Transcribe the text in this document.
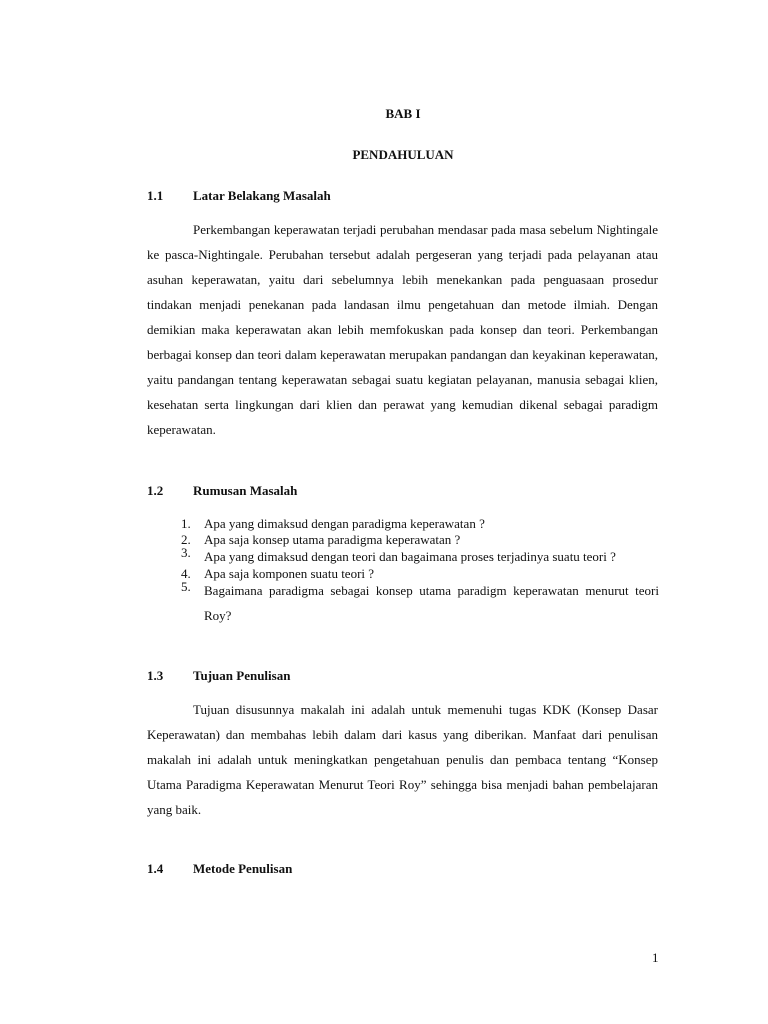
BAB I
PENDAHULUAN
1.1 Latar Belakang Masalah

Perkembangan keperawatan terjadi perubahan mendasar pada masa sebelum Nightingale ke pasca-Nightingale. Perubahan tersebut adalah pergeseran yang terjadi pada pelayanan atau asuhan keperawatan, yaitu dari sebelumnya lebih menekankan pada penguasaan prosedur tindakan menjadi penekanan pada landasan ilmu pengetahuan dan metode ilmiah. Dengan demikian maka keperawatan akan lebih memfokuskan pada konsep dan teori. Perkembangan berbagai konsep dan teori dalam keperawatan merupakan pandangan dan keyakinan keperawatan, yaitu pandangan tentang keperawatan sebagai suatu kegiatan pelayanan, manusia sebagai klien, kesehatan serta lingkungan dari klien dan perawat yang kemudian dikenal sebagai paradigm keperawatan.

1.2 Rumusan Masalah
1. Apa yang dimaksud dengan paradigma keperawatan ?
2. Apa saja konsep utama paradigma keperawatan ?
3. Apa yang dimaksud dengan teori dan bagaimana proses terjadinya suatu teori ?
4. Apa saja komponen suatu teori ?
5. Bagaimana paradigma sebagai konsep utama paradigm keperawatan menurut teori Roy?
1.3 Tujuan Penulisan

Tujuan disusunnya makalah ini adalah untuk memenuhi tugas KDK (Konsep Dasar Keperawatan) dan membahas lebih dalam dari kasus yang diberikan. Manfaat dari penulisan makalah ini adalah untuk meningkatkan pengetahuan penulis dan pembaca tentang “Konsep Utama Paradigma Keperawatan Menurut Teori Roy” sehingga bisa menjadi bahan pembelajaran yang baik.

1.4 Metode Penulisan
1
